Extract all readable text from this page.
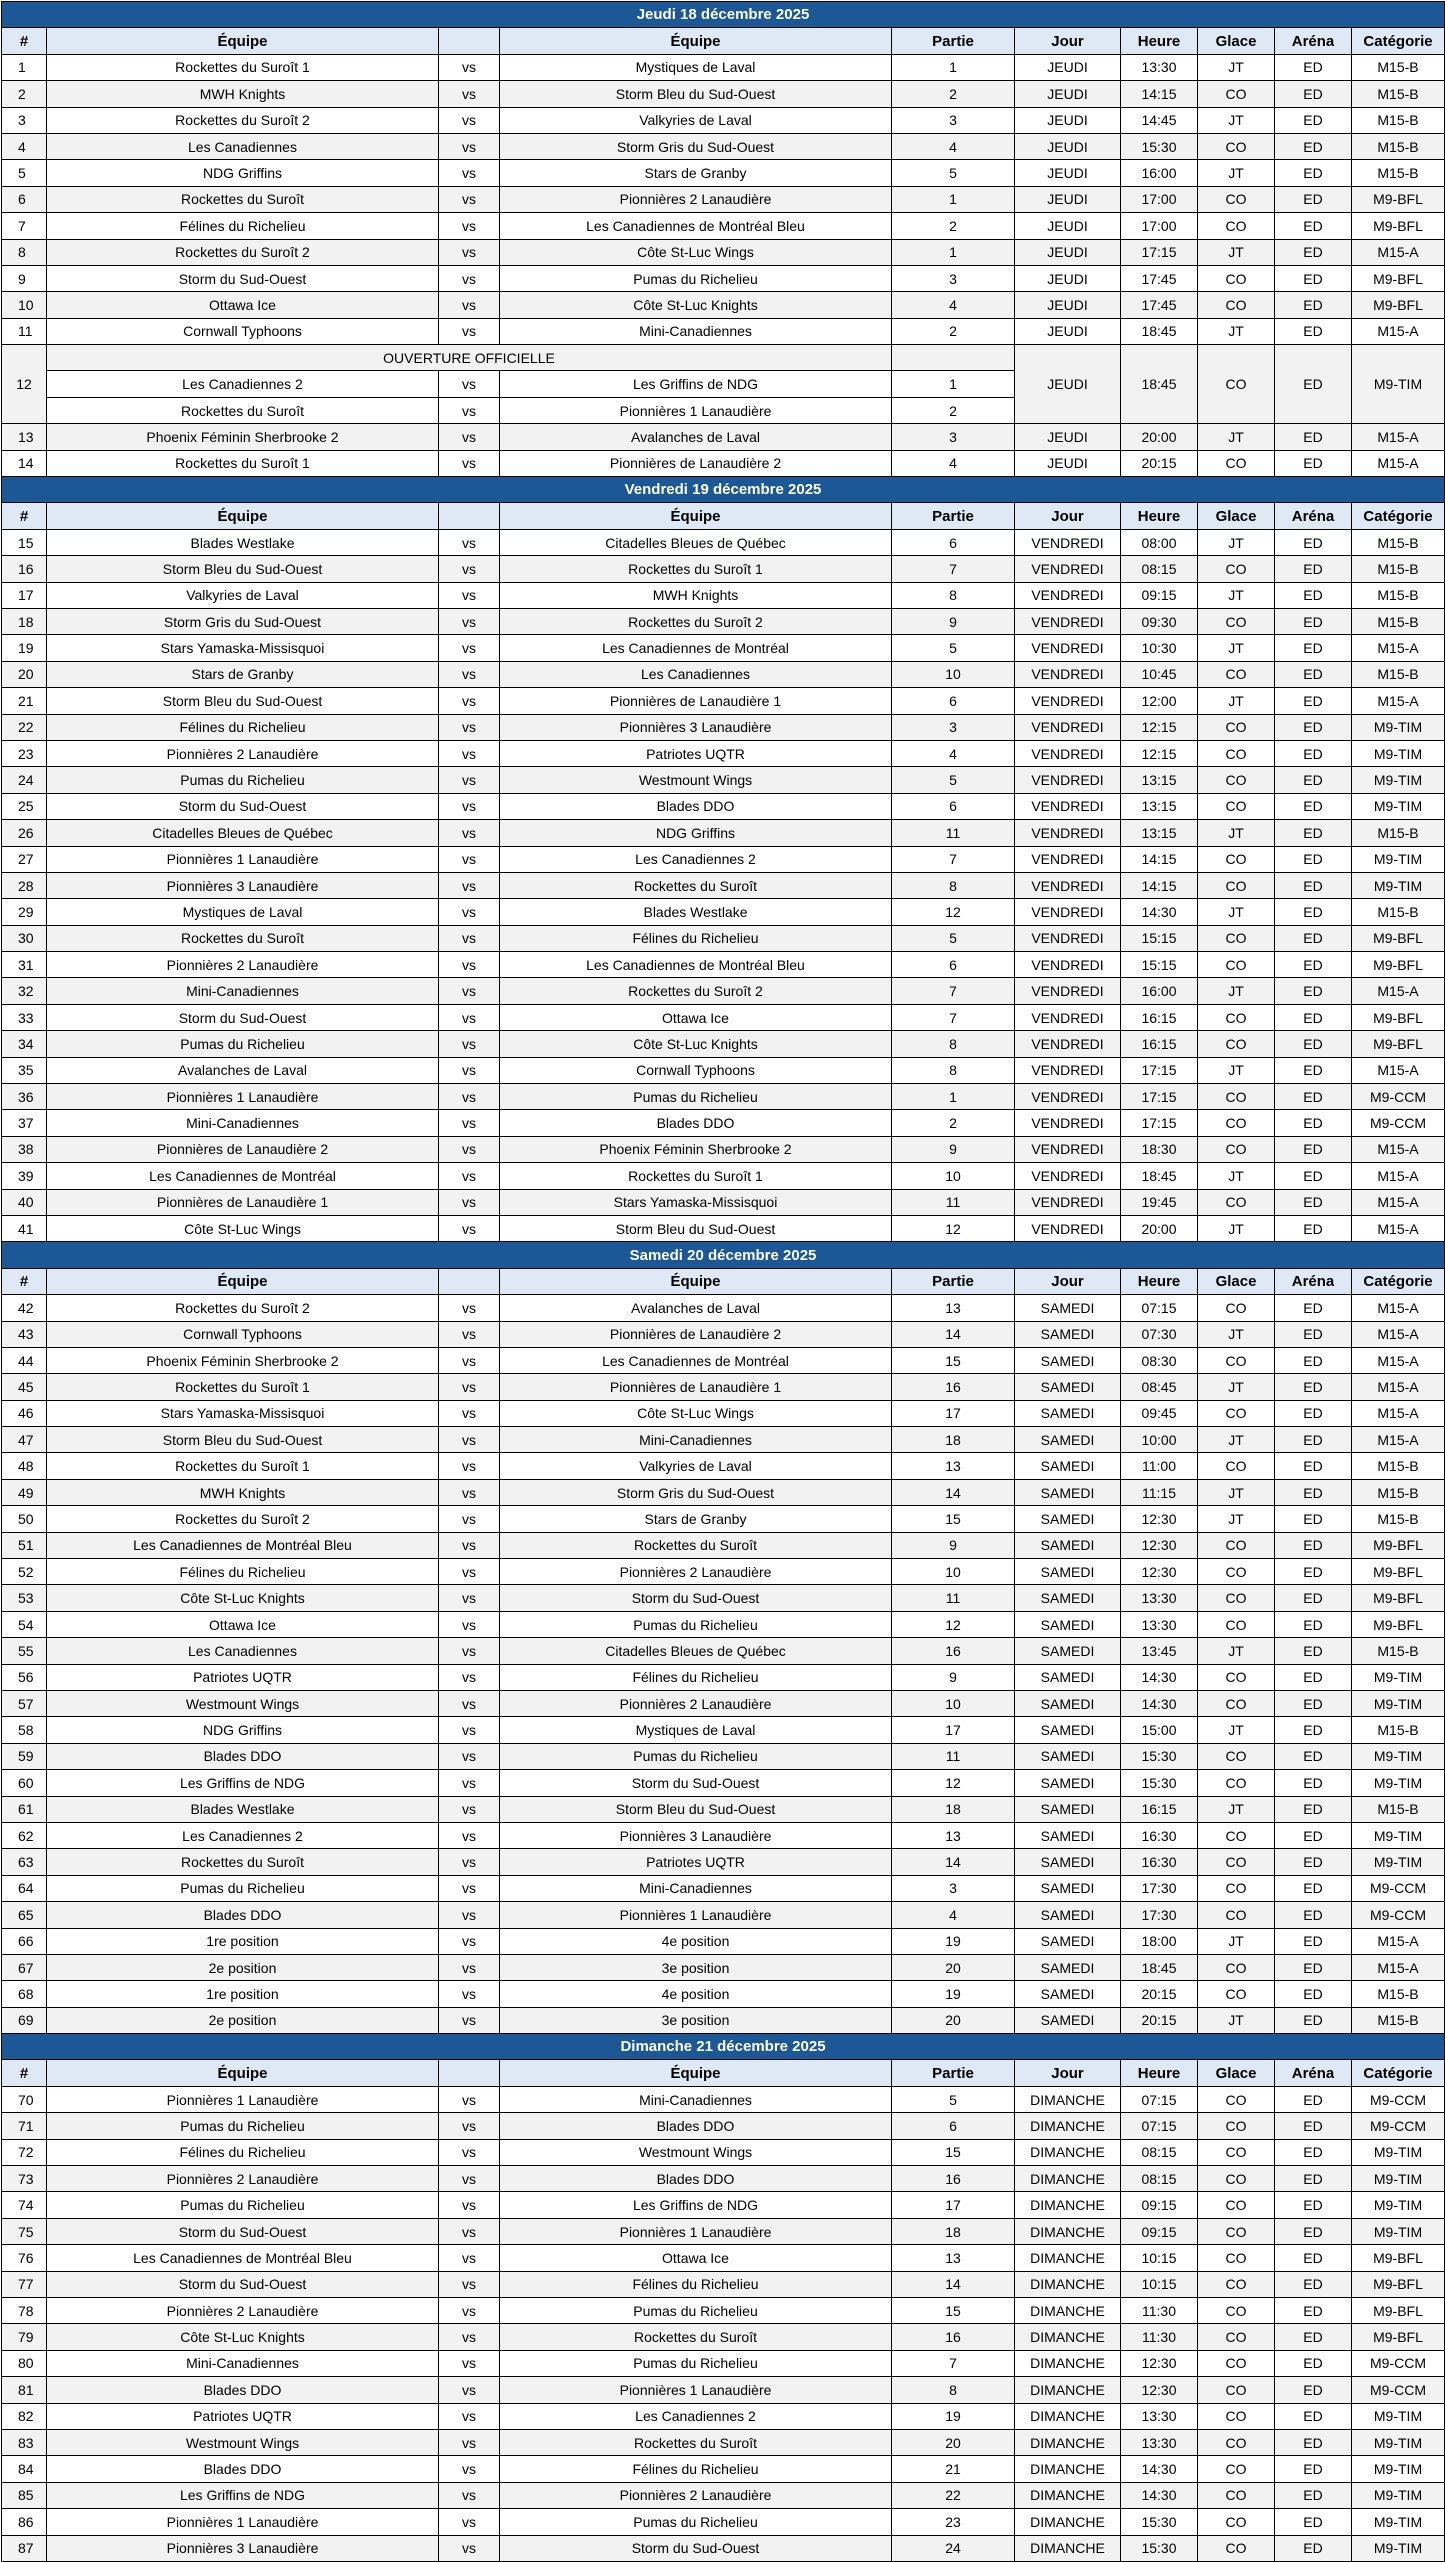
Jeudi 18 décembre 2025									
#	Équipe		Équipe	Partie	Jour	Heure	Glace	Aréna	Catégorie
1	Rockettes du Suroît 1	vs	Mystiques de Laval	1	JEUDI	13:30	JT	ED	M15-B
2	MWH Knights	vs	Storm Bleu du Sud-Ouest	2	JEUDI	14:15	CO	ED	M15-B
3	Rockettes du Suroît 2	vs	Valkyries de Laval	3	JEUDI	14:45	JT	ED	M15-B
4	Les Canadiennes	vs	Storm Gris du Sud-Ouest	4	JEUDI	15:30	CO	ED	M15-B
5	NDG Griffins	vs	Stars de Granby	5	JEUDI	16:00	JT	ED	M15-B
6	Rockettes du Suroît	vs	Pionnières 2 Lanaudière	1	JEUDI	17:00	CO	ED	M9-BFL
7	Félines du Richelieu	vs	Les Canadiennes de Montréal Bleu	2	JEUDI	17:00	CO	ED	M9-BFL
8	Rockettes du Suroît 2	vs	Côte St-Luc Wings	1	JEUDI	17:15	JT	ED	M15-A
9	Storm du Sud-Ouest	vs	Pumas du Richelieu	3	JEUDI	17:45	CO	ED	M9-BFL
10	Ottawa Ice	vs	Côte St-Luc Knights	4	JEUDI	17:45	CO	ED	M9-BFL
11	Cornwall Typhoons	vs	Mini-Canadiennes	2	JEUDI	18:45	JT	ED	M15-A
12	OUVERTURE OFFICIELLE				JEUDI	18:45	CO	ED	M9-TIM
	Les Canadiennes 2	vs	Les Griffins de NDG	1					
	Rockettes du Suroît	vs	Pionnières 1 Lanaudière	2					
13	Phoenix Féminin Sherbrooke 2	vs	Avalanches de Laval	3	JEUDI	20:00	JT	ED	M15-A
14	Rockettes du Suroît 1	vs	Pionnières de Lanaudière 2	4	JEUDI	20:15	CO	ED	M15-A
Vendredi 19 décembre 2025									
#	Équipe		Équipe	Partie	Jour	Heure	Glace	Aréna	Catégorie
15	Blades Westlake	vs	Citadelles Bleues de Québec	6	VENDREDI	08:00	JT	ED	M15-B
16	Storm Bleu du Sud-Ouest	vs	Rockettes du Suroît 1	7	VENDREDI	08:15	CO	ED	M15-B
17	Valkyries de Laval	vs	MWH Knights	8	VENDREDI	09:15	JT	ED	M15-B
18	Storm Gris du Sud-Ouest	vs	Rockettes du Suroît 2	9	VENDREDI	09:30	CO	ED	M15-B
19	Stars Yamaska-Missisquoi	vs	Les Canadiennes de Montréal	5	VENDREDI	10:30	JT	ED	M15-A
20	Stars de Granby	vs	Les Canadiennes	10	VENDREDI	10:45	CO	ED	M15-B
21	Storm Bleu du Sud-Ouest	vs	Pionnières de Lanaudière 1	6	VENDREDI	12:00	JT	ED	M15-A
22	Félines du Richelieu	vs	Pionnières 3 Lanaudière	3	VENDREDI	12:15	CO	ED	M9-TIM
23	Pionnières 2 Lanaudière	vs	Patriotes UQTR	4	VENDREDI	12:15	CO	ED	M9-TIM
24	Pumas du Richelieu	vs	Westmount Wings	5	VENDREDI	13:15	CO	ED	M9-TIM
25	Storm du Sud-Ouest	vs	Blades DDO	6	VENDREDI	13:15	CO	ED	M9-TIM
26	Citadelles Bleues de Québec	vs	NDG Griffins	11	VENDREDI	13:15	JT	ED	M15-B
27	Pionnières 1 Lanaudière	vs	Les Canadiennes 2	7	VENDREDI	14:15	CO	ED	M9-TIM
28	Pionnières 3 Lanaudière	vs	Rockettes du Suroît	8	VENDREDI	14:15	CO	ED	M9-TIM
29	Mystiques de Laval	vs	Blades Westlake	12	VENDREDI	14:30	JT	ED	M15-B
30	Rockettes du Suroît	vs	Félines du Richelieu	5	VENDREDI	15:15	CO	ED	M9-BFL
31	Pionnières 2 Lanaudière	vs	Les Canadiennes de Montréal Bleu	6	VENDREDI	15:15	CO	ED	M9-BFL
32	Mini-Canadiennes	vs	Rockettes du Suroît 2	7	VENDREDI	16:00	JT	ED	M15-A
33	Storm du Sud-Ouest	vs	Ottawa Ice	7	VENDREDI	16:15	CO	ED	M9-BFL
34	Pumas du Richelieu	vs	Côte St-Luc Knights	8	VENDREDI	16:15	CO	ED	M9-BFL
35	Avalanches de Laval	vs	Cornwall Typhoons	8	VENDREDI	17:15	JT	ED	M15-A
36	Pionnières 1 Lanaudière	vs	Pumas du Richelieu	1	VENDREDI	17:15	CO	ED	M9-CCM
37	Mini-Canadiennes	vs	Blades DDO	2	VENDREDI	17:15	CO	ED	M9-CCM
38	Pionnières de Lanaudière 2	vs	Phoenix Féminin Sherbrooke 2	9	VENDREDI	18:30	CO	ED	M15-A
39	Les Canadiennes de Montréal	vs	Rockettes du Suroît 1	10	VENDREDI	18:45	JT	ED	M15-A
40	Pionnières de Lanaudière 1	vs	Stars Yamaska-Missisquoi	11	VENDREDI	19:45	CO	ED	M15-A
41	Côte St-Luc Wings	vs	Storm Bleu du Sud-Ouest	12	VENDREDI	20:00	JT	ED	M15-A
Samedi 20 décembre 2025									
#	Équipe		Équipe	Partie	Jour	Heure	Glace	Aréna	Catégorie
42	Rockettes du Suroît 2	vs	Avalanches de Laval	13	SAMEDI	07:15	CO	ED	M15-A
43	Cornwall Typhoons	vs	Pionnières de Lanaudière 2	14	SAMEDI	07:30	JT	ED	M15-A
44	Phoenix Féminin Sherbrooke 2	vs	Les Canadiennes de Montréal	15	SAMEDI	08:30	CO	ED	M15-A
45	Rockettes du Suroît 1	vs	Pionnières de Lanaudière 1	16	SAMEDI	08:45	JT	ED	M15-A
46	Stars Yamaska-Missisquoi	vs	Côte St-Luc Wings	17	SAMEDI	09:45	CO	ED	M15-A
47	Storm Bleu du Sud-Ouest	vs	Mini-Canadiennes	18	SAMEDI	10:00	JT	ED	M15-A
48	Rockettes du Suroît 1	vs	Valkyries de Laval	13	SAMEDI	11:00	CO	ED	M15-B
49	MWH Knights	vs	Storm Gris du Sud-Ouest	14	SAMEDI	11:15	JT	ED	M15-B
50	Rockettes du Suroît 2	vs	Stars de Granby	15	SAMEDI	12:30	JT	ED	M15-B
51	Les Canadiennes de Montréal Bleu	vs	Rockettes du Suroît	9	SAMEDI	12:30	CO	ED	M9-BFL
52	Félines du Richelieu	vs	Pionnières 2 Lanaudière	10	SAMEDI	12:30	CO	ED	M9-BFL
53	Côte St-Luc Knights	vs	Storm du Sud-Ouest	11	SAMEDI	13:30	CO	ED	M9-BFL
54	Ottawa Ice	vs	Pumas du Richelieu	12	SAMEDI	13:30	CO	ED	M9-BFL
55	Les Canadiennes	vs	Citadelles Bleues de Québec	16	SAMEDI	13:45	JT	ED	M15-B
56	Patriotes UQTR	vs	Félines du Richelieu	9	SAMEDI	14:30	CO	ED	M9-TIM
57	Westmount Wings	vs	Pionnières 2 Lanaudière	10	SAMEDI	14:30	CO	ED	M9-TIM
58	NDG Griffins	vs	Mystiques de Laval	17	SAMEDI	15:00	JT	ED	M15-B
59	Blades DDO	vs	Pumas du Richelieu	11	SAMEDI	15:30	CO	ED	M9-TIM
60	Les Griffins de NDG	vs	Storm du Sud-Ouest	12	SAMEDI	15:30	CO	ED	M9-TIM
61	Blades Westlake	vs	Storm Bleu du Sud-Ouest	18	SAMEDI	16:15	JT	ED	M15-B
62	Les Canadiennes 2	vs	Pionnières 3 Lanaudière	13	SAMEDI	16:30	CO	ED	M9-TIM
63	Rockettes du Suroît	vs	Patriotes UQTR	14	SAMEDI	16:30	CO	ED	M9-TIM
64	Pumas du Richelieu	vs	Mini-Canadiennes	3	SAMEDI	17:30	CO	ED	M9-CCM
65	Blades DDO	vs	Pionnières 1 Lanaudière	4	SAMEDI	17:30	CO	ED	M9-CCM
66	1re position	vs	4e position	19	SAMEDI	18:00	JT	ED	M15-A
67	2e position	vs	3e position	20	SAMEDI	18:45	CO	ED	M15-A
68	1re position	vs	4e position	19	SAMEDI	20:15	CO	ED	M15-B
69	2e position	vs	3e position	20	SAMEDI	20:15	JT	ED	M15-B
Dimanche 21 décembre 2025									
#	Équipe		Équipe	Partie	Jour	Heure	Glace	Aréna	Catégorie
70	Pionnières 1 Lanaudière	vs	Mini-Canadiennes	5	DIMANCHE	07:15	CO	ED	M9-CCM
71	Pumas du Richelieu	vs	Blades DDO	6	DIMANCHE	07:15	CO	ED	M9-CCM
72	Félines du Richelieu	vs	Westmount Wings	15	DIMANCHE	08:15	CO	ED	M9-TIM
73	Pionnières 2 Lanaudière	vs	Blades DDO	16	DIMANCHE	08:15	CO	ED	M9-TIM
74	Pumas du Richelieu	vs	Les Griffins de NDG	17	DIMANCHE	09:15	CO	ED	M9-TIM
75	Storm du Sud-Ouest	vs	Pionnières 1 Lanaudière	18	DIMANCHE	09:15	CO	ED	M9-TIM
76	Les Canadiennes de Montréal Bleu	vs	Ottawa Ice	13	DIMANCHE	10:15	CO	ED	M9-BFL
77	Storm du Sud-Ouest	vs	Félines du Richelieu	14	DIMANCHE	10:15	CO	ED	M9-BFL
78	Pionnières 2 Lanaudière	vs	Pumas du Richelieu	15	DIMANCHE	11:30	CO	ED	M9-BFL
79	Côte St-Luc Knights	vs	Rockettes du Suroît	16	DIMANCHE	11:30	CO	ED	M9-BFL
80	Mini-Canadiennes	vs	Pumas du Richelieu	7	DIMANCHE	12:30	CO	ED	M9-CCM
81	Blades DDO	vs	Pionnières 1 Lanaudière	8	DIMANCHE	12:30	CO	ED	M9-CCM
82	Patriotes UQTR	vs	Les Canadiennes 2	19	DIMANCHE	13:30	CO	ED	M9-TIM
83	Westmount Wings	vs	Rockettes du Suroît	20	DIMANCHE	13:30	CO	ED	M9-TIM
84	Blades DDO	vs	Félines du Richelieu	21	DIMANCHE	14:30	CO	ED	M9-TIM
85	Les Griffins de NDG	vs	Pionnières 2 Lanaudière	22	DIMANCHE	14:30	CO	ED	M9-TIM
86	Pionnières 1 Lanaudière	vs	Pumas du Richelieu	23	DIMANCHE	15:30	CO	ED	M9-TIM
87	Pionnières 3 Lanaudière	vs	Storm du Sud-Ouest	24	DIMANCHE	15:30	CO	ED	M9-TIM
